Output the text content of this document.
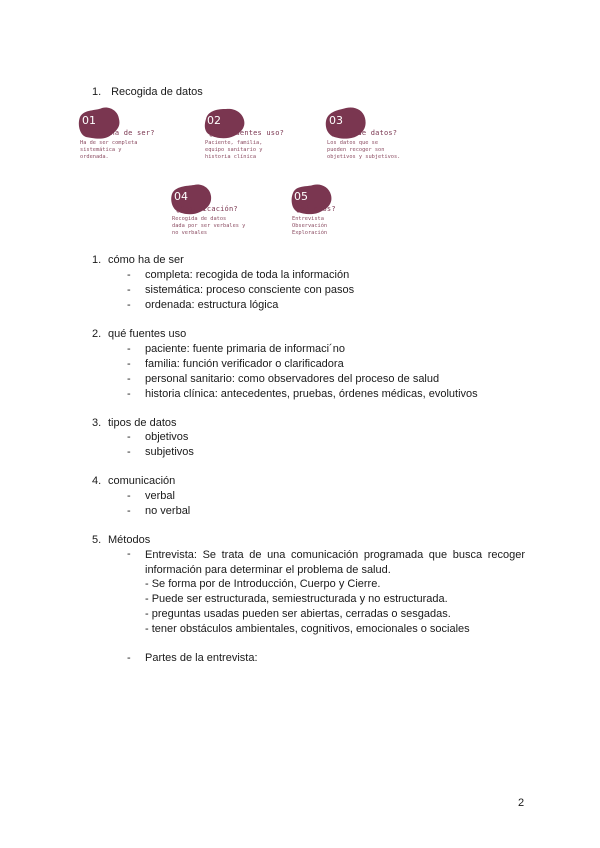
1. Recogida de datos
01
¿Cómo ha de ser?
Ha de ser completa
sistemática y
ordenada.
02
¿Qué fuentes uso?
Paciente, familia,
equipo sanitario y
historia clínica
03
¿Tipo de datos?
Los datos que se
pueden recoger son
objetivos y subjetivos.
04
¿Comunicación?
Recogida de datos
dada por ser verbales y
no verbales
05
¿Métodos?
Entrevista
Observación
Exploración
1. cómo ha de ser
- completa: recogida de toda la información
- sistemática: proceso consciente con pasos
- ordenada: estructura lógica
2. qué fuentes uso
- paciente: fuente primaria de informaci´no
- familia: función verificador o clarificadora
- personal sanitario: como observadores del proceso de salud
- historia clínica: antecedentes, pruebas, órdenes médicas, evolutivos
3. tipos de datos
- objetivos
- subjetivos
4. comunicación
- verbal
- no verbal
5. Métodos
-	Entrevista: Se trata de una comunicación programada que busca recoger información para determinar el problema de salud.
- Se forma por de Introducción, Cuerpo y Cierre.
- Puede ser estructurada, semiestructurada y no estructurada.
- preguntas usadas pueden ser abiertas, cerradas o sesgadas.
- tener obstáculos ambientales, cognitivos, emocionales o sociales
- Partes de la entrevista:
2
